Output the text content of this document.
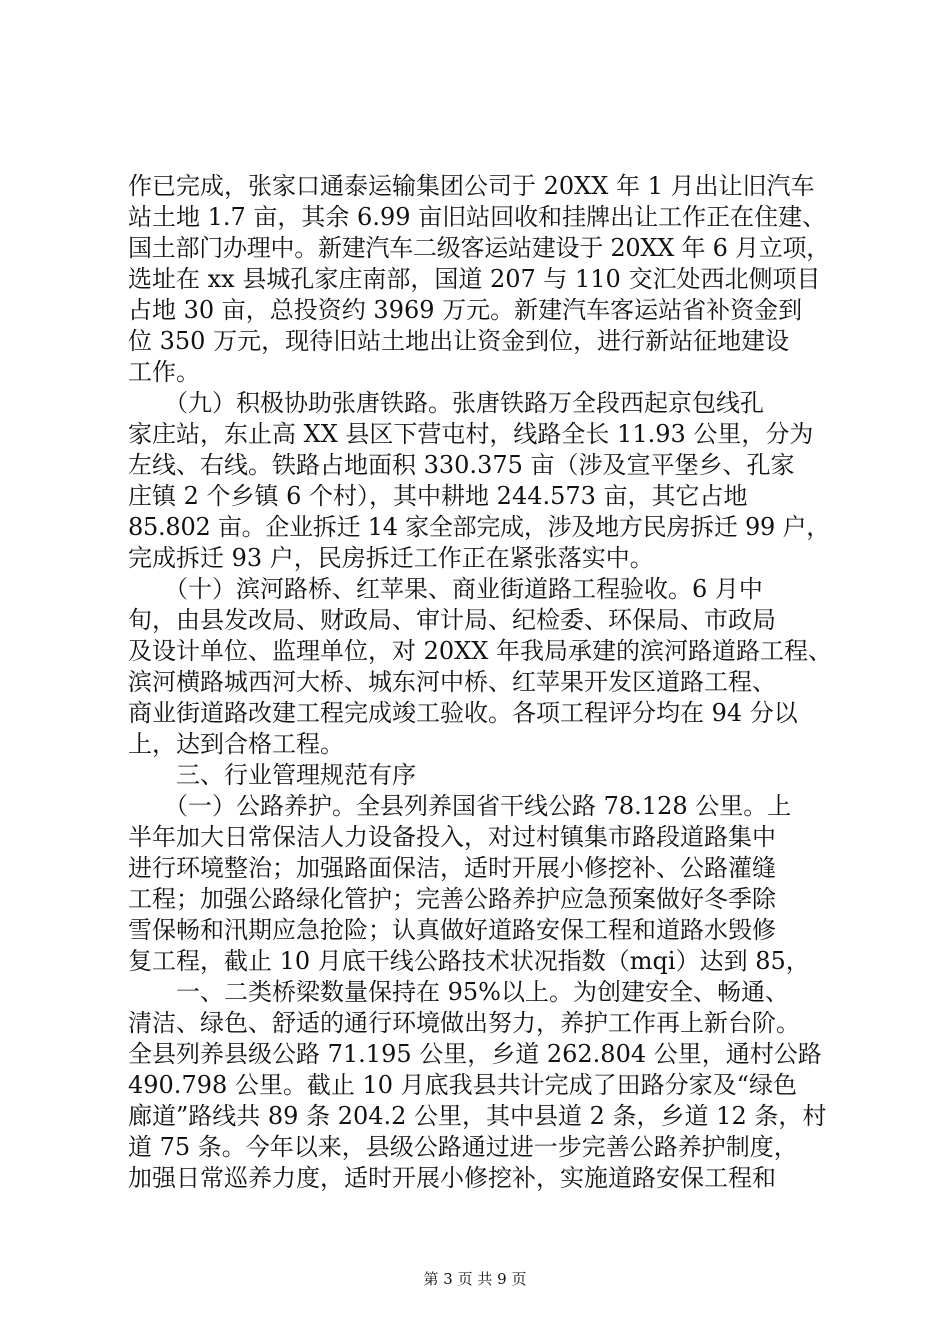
作已完成，张家口通泰运输集团公司于 20XX 年 1 月出让旧汽车
站土地 1.7 亩，其余 6.99 亩旧站回收和挂牌出让工作正在住建、
国土部门办理中。新建汽车二级客运站建设于 20XX 年 6 月立项，
选址在 xx 县城孔家庄南部，国道 207 与 110 交汇处西北侧项目
占地 30 亩，总投资约 3969 万元。新建汽车客运站省补资金到
位 350 万元，现待旧站土地出让资金到位，进行新站征地建设
工作。
　　（九）积极协助张唐铁路。张唐铁路万全段西起京包线孔
家庄站，东止高 XX 县区下营屯村，线路全长 11.93 公里，分为
左线、右线。铁路占地面积 330.375 亩（涉及宣平堡乡、孔家
庄镇 2 个乡镇 6 个村），其中耕地 244.573 亩，其它占地
85.802 亩。企业拆迁 14 家全部完成，涉及地方民房拆迁 99 户，
完成拆迁 93 户，民房拆迁工作正在紧张落实中。
　　（十）滨河路桥、红苹果、商业街道路工程验收。6 月中
旬，由县发改局、财政局、审计局、纪检委、环保局、市政局
及设计单位、监理单位，对 20XX 年我局承建的滨河路道路工程、
滨河横路城西河大桥、城东河中桥、红苹果开发区道路工程、
商业街道路改建工程完成竣工验收。各项工程评分均在 94 分以
上，达到合格工程。
　　三、行业管理规范有序
　　（一）公路养护。全县列养国省干线公路 78.128 公里。上
半年加大日常保洁人力设备投入，对过村镇集市路段道路集中
进行环境整治；加强路面保洁，适时开展小修挖补、公路灌缝
工程；加强公路绿化管护；完善公路养护应急预案做好冬季除
雪保畅和汛期应急抢险；认真做好道路安保工程和道路水毁修
复工程，截止 10 月底干线公路技术状况指数（mqi）达到 85，
　　一、二类桥梁数量保持在 95%以上。为创建安全、畅通、
清洁、绿色、舒适的通行环境做出努力，养护工作再上新台阶。
全县列养县级公路 71.195 公里，乡道 262.804 公里，通村公路
490.798 公里。截止 10 月底我县共计完成了田路分家及“绿色
廊道”路线共 89 条 204.2 公里，其中县道 2 条，乡道 12 条，村
道 75 条。今年以来，县级公路通过进一步完善公路养护制度，
加强日常巡养力度，适时开展小修挖补，实施道路安保工程和
第 3 页 共 9 页
